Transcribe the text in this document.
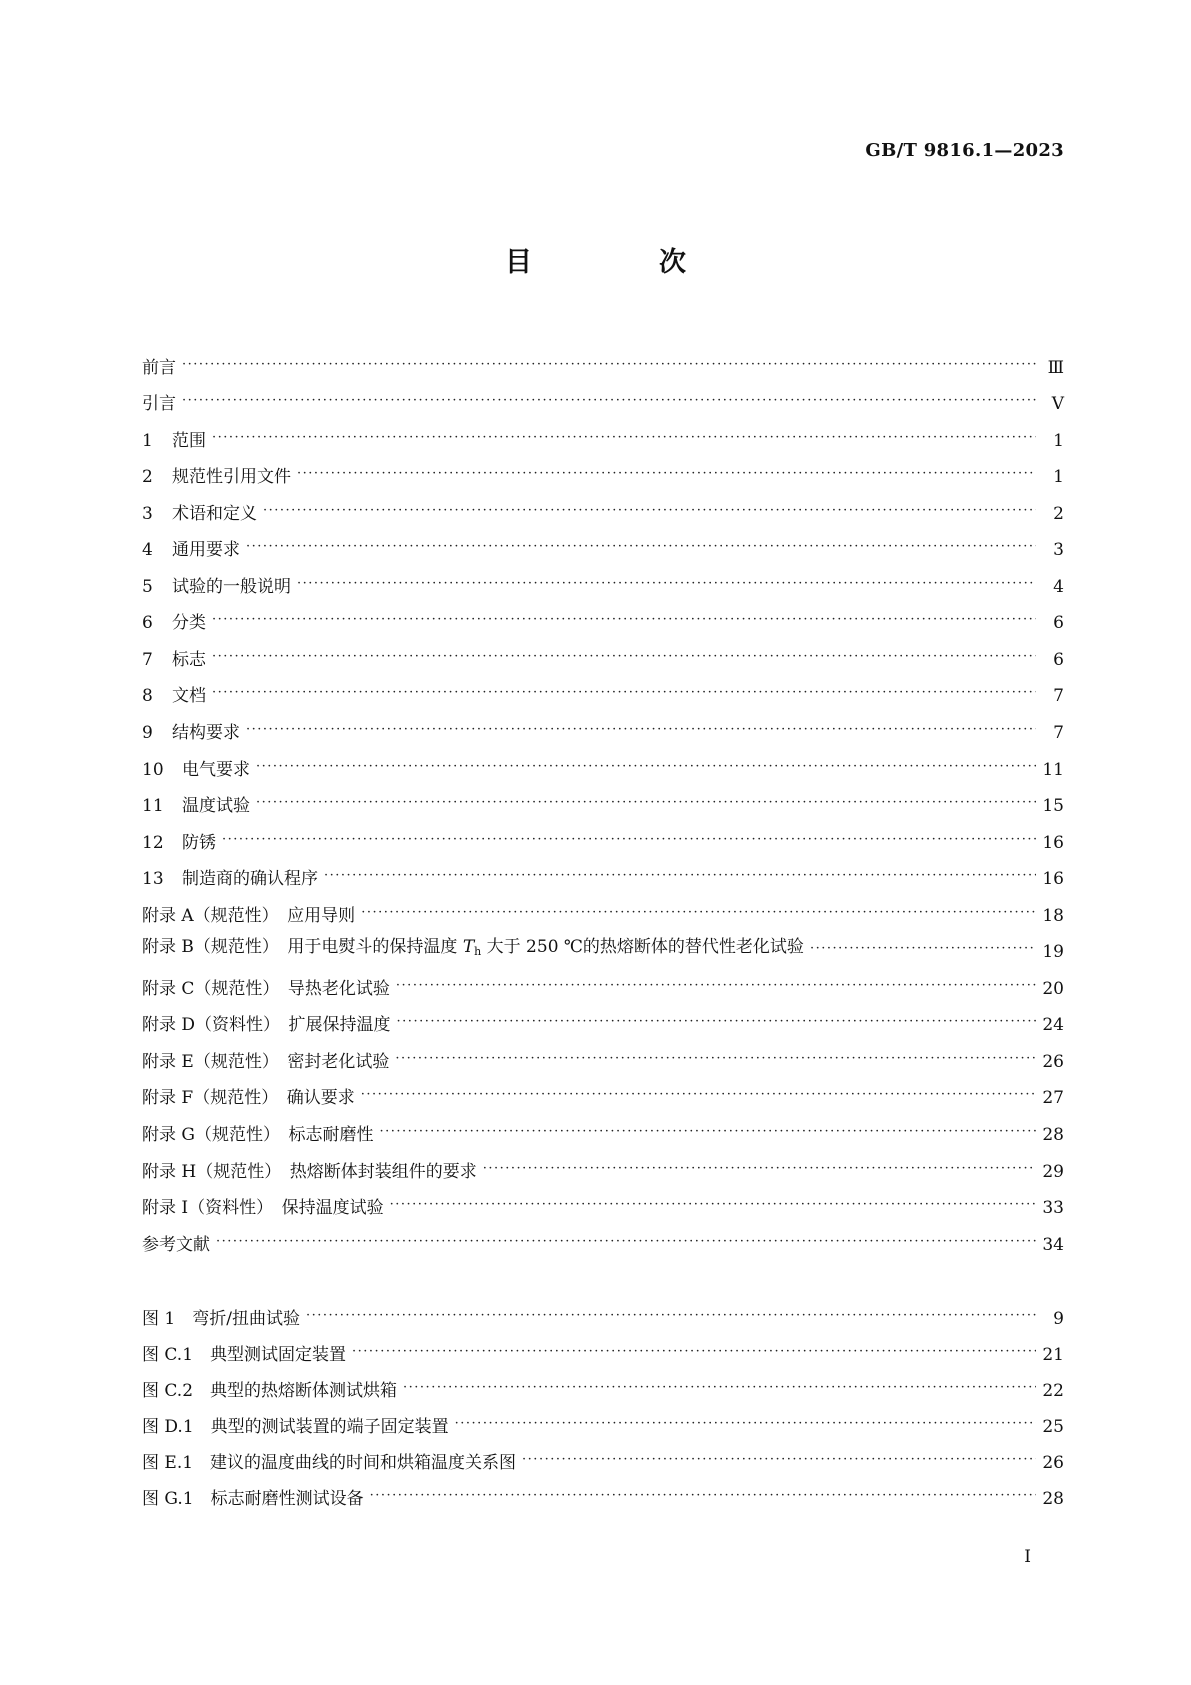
GB/T 9816.1—2023
目　次
前言 ·····	Ⅲ
引言 ·····	Ⅴ
1	范围 ·····	1
2	规范性引用文件 ·····	1
3	术语和定义 ·····	2
4	通用要求 ·····	3
5	试验的一般说明 ·····	4
6	分类 ·····	6
7	标志 ·····	6
8	文档 ·····	7
9	结构要求 ·····	7
10	电气要求 ·····	11
11	温度试验 ·····	15
12	防锈 ·····	16
13	制造商的确认程序 ·····	16
附录 A（规范性）　应用导则 ·····	18
附录 B（规范性）　用于电熨斗的保持温度 $T_h$ 大于 250 ℃的热熔断体的替代性老化试验 ·····	19
附录 C（规范性）　导热老化试验 ·····	20
附录 D（资料性）　扩展保持温度 ·····	24
附录 E（规范性）　密封老化试验 ·····	26
附录 F（规范性）　确认要求 ·····	27
附录 G（规范性）　标志耐磨性 ·····	28
附录 H（规范性）　热熔断体封装组件的要求 ·····	29
附录 I（资料性）　保持温度试验 ·····	33
参考文献 ·····	34
图 1　弯折/扭曲试验 ·····	9
图 C.1　典型测试固定装置 ·····	21
图 C.2　典型的热熔断体测试烘箱 ·····	22
图 D.1　典型的测试装置的端子固定装置 ·····	25
图 E.1　建议的温度曲线的时间和烘箱温度关系图 ·····	26
图 G.1　标志耐磨性测试设备 ·····	28
I
